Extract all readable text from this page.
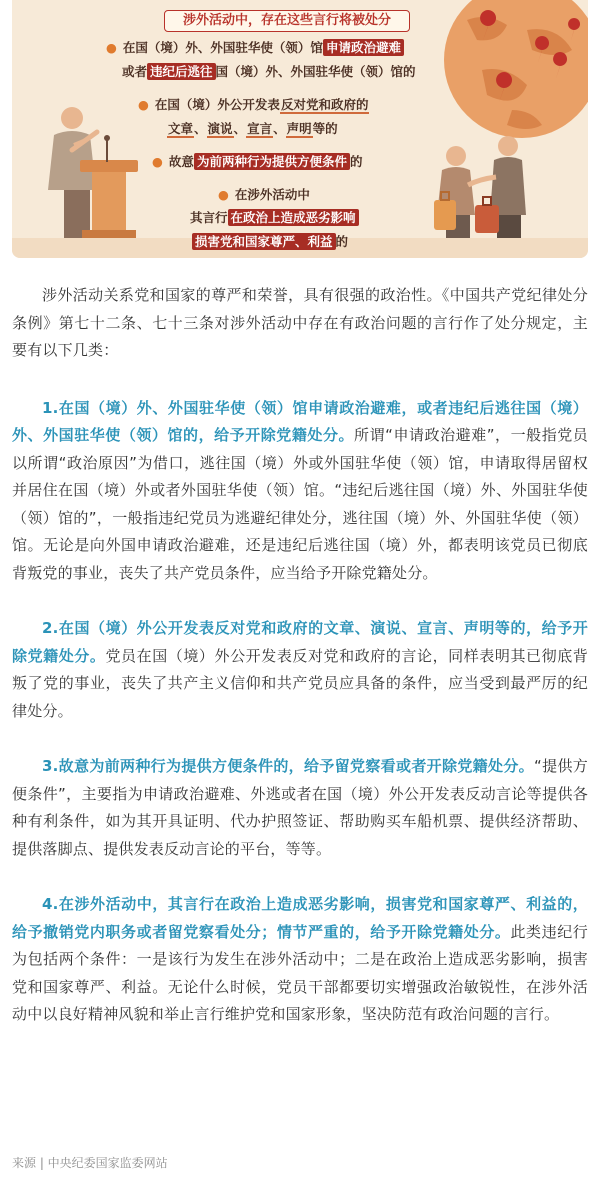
涉外活动中，存在这些言行将被处分
● 在国（境）外、外国驻华使（领）馆 申请政治避难
或者 违纪后逃往 国（境）外、外国驻华使（领）馆的
● 在国（境）外公开发表反对党和政府的
文章、演说、宣言、声明等的
● 故意 为前两种行为提供方便条件 的
● 在涉外活动中
其言行 在政治上造成恶劣影响
损害党和国家尊严、利益 的

涉外活动关系党和国家的尊严和荣誉，具有很强的政治性。《中国共产党纪律处分条例》第七十二条、七十三条对涉外活动中存在有政治问题的言行作了处分规定，主要有以下几类：

1.在国（境）外、外国驻华使（领）馆申请政治避难，或者违纪后逃往国（境）外、外国驻华使（领）馆的，给予开除党籍处分。所谓“申请政治避难”，一般指党员以所谓“政治原因”为借口，逃往国（境）外或外国驻华使（领）馆，申请取得居留权并居住在国（境）外或者外国驻华使（领）馆。“违纪后逃往国（境）外、外国驻华使（领）馆的”，一般指违纪党员为逃避纪律处分，逃往国（境）外、外国驻华使（领）馆。无论是向外国申请政治避难，还是违纪后逃往国（境）外，都表明该党员已彻底背叛党的事业，丧失了共产党员条件，应当给予开除党籍处分。

2.在国（境）外公开发表反对党和政府的文章、演说、宣言、声明等的，给予开除党籍处分。党员在国（境）外公开发表反对党和政府的言论，同样表明其已彻底背叛了党的事业，丧失了共产主义信仰和共产党员应具备的条件，应当受到最严厉的纪律处分。

3.故意为前两种行为提供方便条件的，给予留党察看或者开除党籍处分。“提供方便条件”，主要指为申请政治避难、外逃或者在国（境）外公开发表反动言论等提供各种有利条件，如为其开具证明、代办护照签证、帮助购买车船机票、提供经济帮助、提供落脚点、提供发表反动言论的平台，等等。

4.在涉外活动中，其言行在政治上造成恶劣影响，损害党和国家尊严、利益的，给予撤销党内职务或者留党察看处分；情节严重的，给予开除党籍处分。此类违纪行为包括两个条件：一是该行为发生在涉外活动中；二是在政治上造成恶劣影响，损害党和国家尊严、利益。无论什么时候，党员干部都要切实增强政治敏锐性，在涉外活动中以良好精神风貌和举止言行维护党和国家形象，坚决防范有政治问题的言行。

来源 | 中央纪委国家监委网站
